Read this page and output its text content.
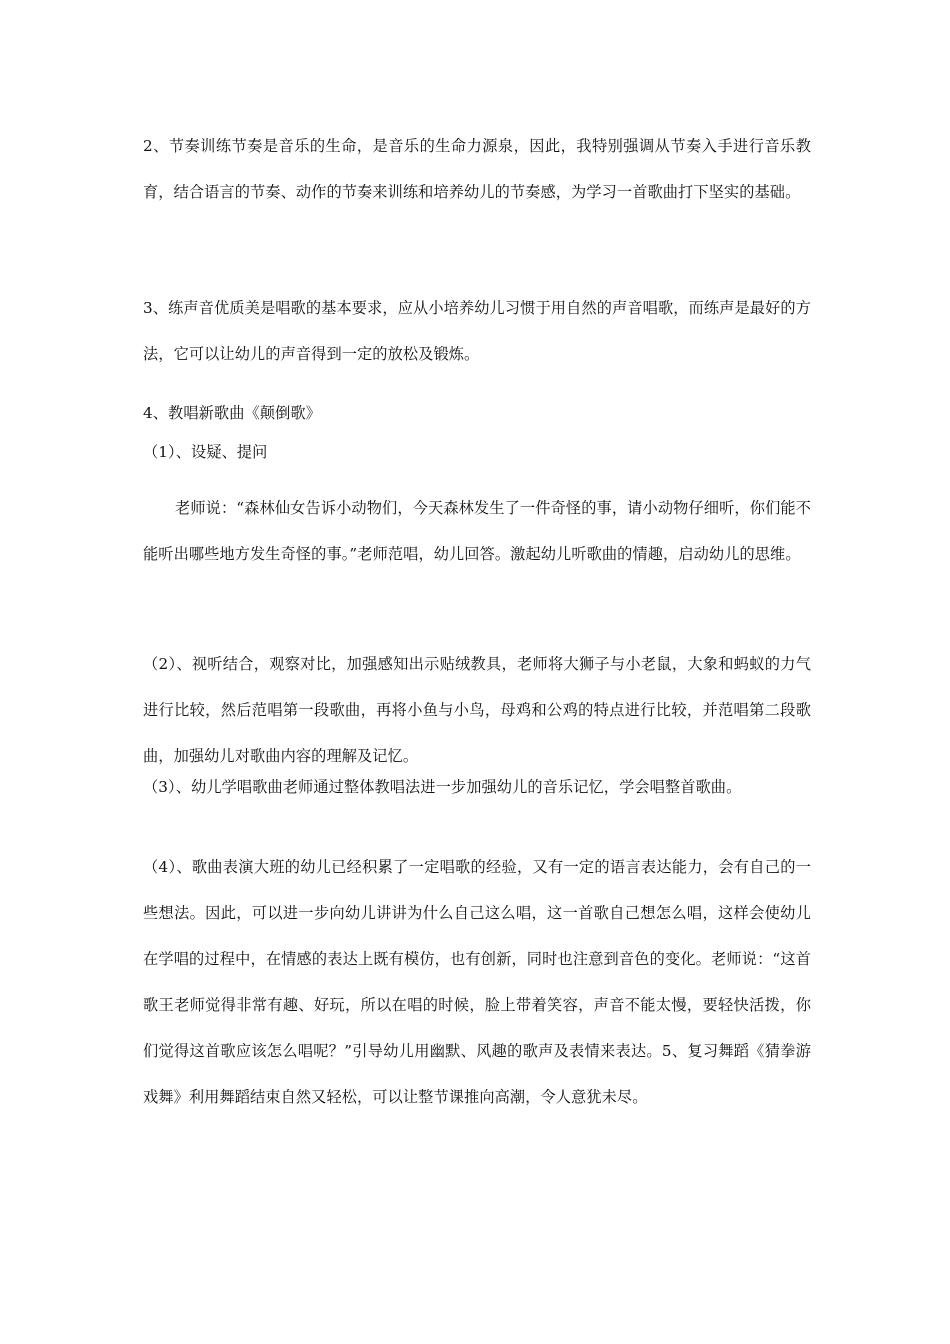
2、节奏训练节奏是音乐的生命，是音乐的生命力源泉，因此，我特别强调从节奏入手进行音乐教育，结合语言的节奏、动作的节奏来训练和培养幼儿的节奏感，为学习一首歌曲打下坚实的基础。

3、练声音优质美是唱歌的基本要求，应从小培养幼儿习惯于用自然的声音唱歌，而练声是最好的方法，它可以让幼儿的声音得到一定的放松及锻炼。

4、教唱新歌曲《颠倒歌》

（1）、设疑、提问

老师说：“森林仙女告诉小动物们，今天森林发生了一件奇怪的事，请小动物仔细听，你们能不能听出哪些地方发生奇怪的事。”老师范唱，幼儿回答。激起幼儿听歌曲的情趣，启动幼儿的思维。

（2）、视听结合，观察对比，加强感知出示贴绒教具，老师将大狮子与小老鼠，大象和蚂蚁的力气进行比较，然后范唱第一段歌曲，再将小鱼与小鸟，母鸡和公鸡的特点进行比较，并范唱第二段歌曲，加强幼儿对歌曲内容的理解及记忆。

（3）、幼儿学唱歌曲老师通过整体教唱法进一步加强幼儿的音乐记忆，学会唱整首歌曲。

（4）、歌曲表演大班的幼儿已经积累了一定唱歌的经验，又有一定的语言表达能力，会有自己的一些想法。因此，可以进一步向幼儿讲讲为什么自己这么唱，这一首歌自己想怎么唱，这样会使幼儿在学唱的过程中，在情感的表达上既有模仿，也有创新，同时也注意到音色的变化。老师说：“这首歌王老师觉得非常有趣、好玩，所以在唱的时候，脸上带着笑容，声音不能太慢，要轻快活拨，你们觉得这首歌应该怎么唱呢？”引导幼儿用幽默、风趣的歌声及表情来表达。5、复习舞蹈《猜拳游戏舞》利用舞蹈结束自然又轻松，可以让整节课推向高潮，令人意犹未尽。
